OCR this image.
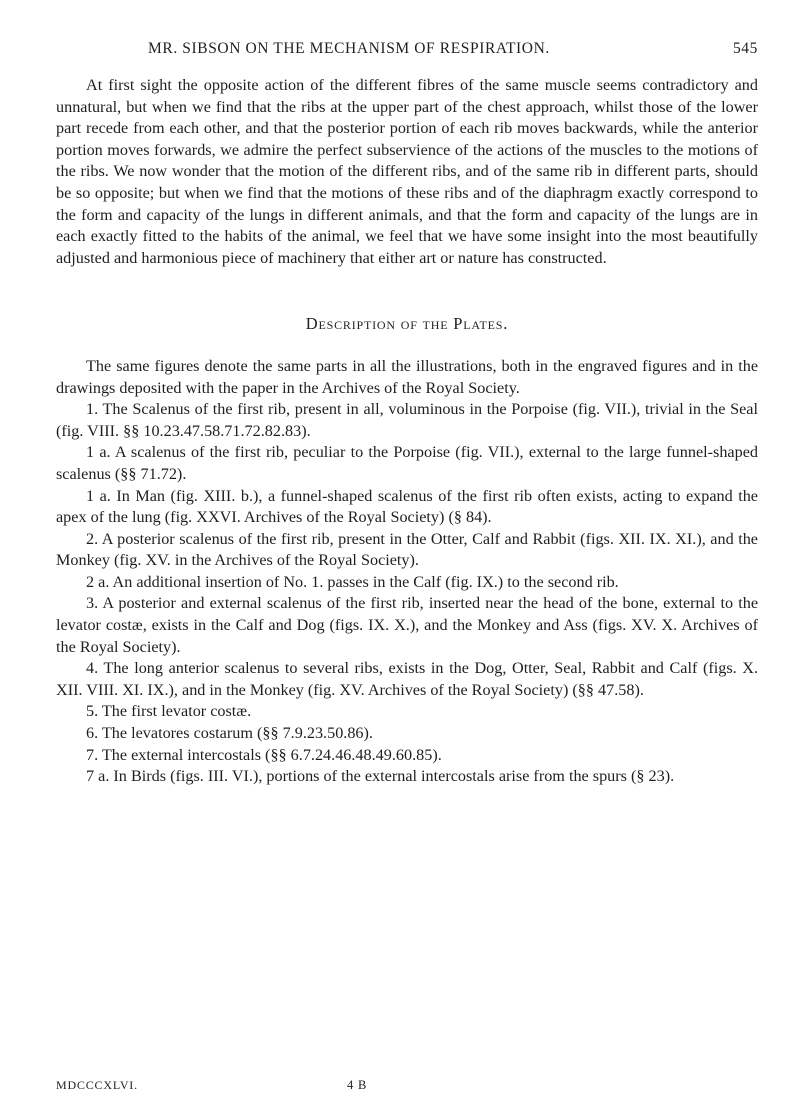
MR. SIBSON ON THE MECHANISM OF RESPIRATION.	545

At first sight the opposite action of the different fibres of the same muscle seems contradictory and unnatural, but when we find that the ribs at the upper part of the chest approach, whilst those of the lower part recede from each other, and that the posterior portion of each rib moves backwards, while the anterior portion moves forwards, we admire the perfect subservience of the actions of the muscles to the motions of the ribs. We now wonder that the motion of the different ribs, and of the same rib in different parts, should be so opposite; but when we find that the motions of these ribs and of the diaphragm exactly correspond to the form and capacity of the lungs in different animals, and that the form and capacity of the lungs are in each exactly fitted to the habits of the animal, we feel that we have some insight into the most beautifully adjusted and harmonious piece of machinery that either art or nature has constructed.

Description of the Plates.

The same figures denote the same parts in all the illustrations, both in the engraved figures and in the drawings deposited with the paper in the Archives of the Royal Society.

1. The Scalenus of the first rib, present in all, voluminous in the Porpoise (fig. VII.), trivial in the Seal (fig. VIII. §§ 10.23.47.58.71.72.82.83).

1 a. A scalenus of the first rib, peculiar to the Porpoise (fig. VII.), external to the large funnel-shaped scalenus (§§ 71.72).

1 a. In Man (fig. XIII. b.), a funnel-shaped scalenus of the first rib often exists, acting to expand the apex of the lung (fig. XXVI. Archives of the Royal Society) (§ 84).

2. A posterior scalenus of the first rib, present in the Otter, Calf and Rabbit (figs. XII. IX. XI.), and the Monkey (fig. XV. in the Archives of the Royal Society).

2 a. An additional insertion of No. 1. passes in the Calf (fig. IX.) to the second rib.

3. A posterior and external scalenus of the first rib, inserted near the head of the bone, external to the levator costæ, exists in the Calf and Dog (figs. IX. X.), and the Monkey and Ass (figs. XV. X. Archives of the Royal Society).

4. The long anterior scalenus to several ribs, exists in the Dog, Otter, Seal, Rabbit and Calf (figs. X. XII. VIII. XI. IX.), and in the Monkey (fig. XV. Archives of the Royal Society) (§§ 47.58).

5. The first levator costæ.

6. The levatores costarum (§§ 7.9.23.50.86).

7. The external intercostals (§§ 6.7.24.46.48.49.60.85).

7 a. In Birds (figs. III. VI.), portions of the external intercostals arise from the spurs (§ 23).

MDCCCXLVI.	4 B
